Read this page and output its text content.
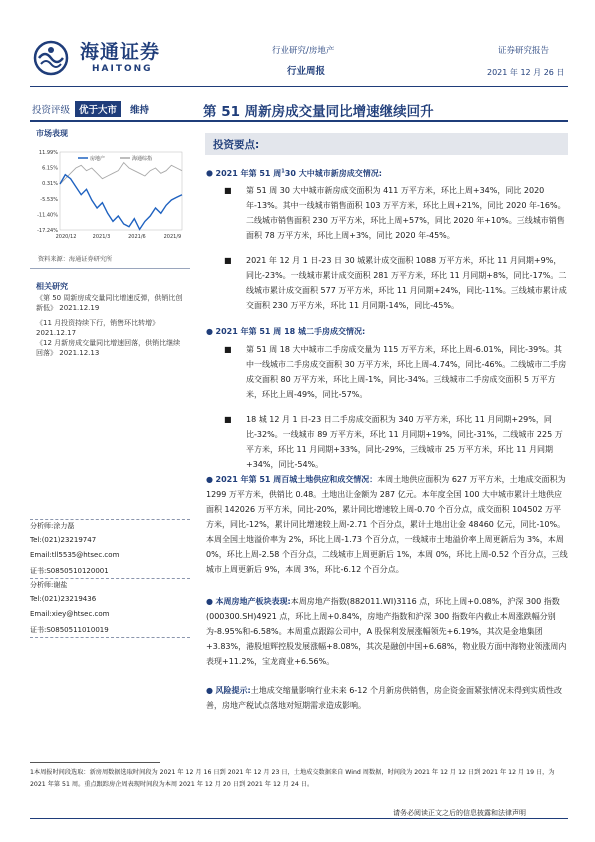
海通证券
HAITONG
行业研究/房地产
行业周报
证券研究报告
2021 年 12 月 26 日
投资评级 优于大市	维持	第 51 周新房成交量同比增速继续回升
市场表现
11.99%
6.15%
0.31%
-5.53%
-11.40%
-17.24%
2020/12	2021/3	2021/6	2021/9
房地产	海通综指
资料来源：海通证券研究所
相关研究
《第 50 周新房成交量同比增速反弹，供销比创新低》 2021.12.19
《11 月投资持续下行，销售环比转增》 2021.12.17
《12 月新房成交量同比增速回落，供销比继续回落》 2021.12.13
分析师:涂力磊
Tel:(021)23219747
Email:tll5535@htsec.com
证书:S0850510120001
分析师:谢盐
Tel:(021)23219436
Email:xiey@htsec.com
证书:S0850511010019
投资要点:
● 2021 年第 51 周$^1$30 大中城市新房成交情况:
■ 第 51 周 30 大中城市新房成交面积为 411 万平方米，环比上周+34%，同比 2020 年-13%。其中一线城市销售面积 103 万平方米，环比上周+21%，同比 2020 年-16%。二线城市销售面积 230 万平方米，环比上周+57%，同比 2020 年+10%。三线城市销售面积 78 万平方米，环比上周+3%，同比 2020 年-45%。

■ 2021 年 12 月 1 日-23 日 30 城累计成交面积 1088 万平方米，环比 11 月同期+9%，同比-23%。一线城市累计成交面积 281 万平方米，环比 11 月同期+8%，同比-17%。二线城市累计成交面积 577 万平方米，环比 11 月同期+24%，同比-11%。三线城市累计成交面积 230 万平方米，环比 11 月同期-14%，同比-45%。

● 2021 年第 51 周 18 城二手房成交情况:
■ 第 51 周 18 大中城市二手房成交量为 115 万平方米，环比上周-6.01%，同比-39%。其中一线城市二手房成交面积 30 万平方米，环比上周-4.74%，同比-46%。二线城市二手房成交面积 80 万平方米，环比上周-1%，同比-34%。三线城市二手房成交面积 5 万平方米，环比上周-49%，同比-57%。

■ 18 城 12 月 1 日-23 日二手房成交面积为 340 万平方米，环比 11 月同期+29%，同比-32%。一线城市 89 万平方米，环比 11 月同期+19%，同比-31%，二线城市 225 万平方米，环比 11 月同期+33%，同比-29%，三线城市 25 万平方米，环比 11 月同期+34%，同比-54%。

● 2021 年第 51 周百城土地供应和成交情况：本周土地供应面积为 627 万平方米，土地成交面积为 1299 万平方米，供销比 0.48。土地出让金额为 287 亿元。本年度全国 100 大中城市累计土地供应面积 142026 万平方米，同比-20%，累计同比增速较上周-0.70 个百分点，成交面积 104502 万平方米，同比-12%，累计同比增速较上周-2.71 个百分点，累计土地出让金 48460 亿元，同比-10%。本周全国土地溢价率为 2%，环比上周-1.73 个百分点，一线城市土地溢价率上周更新后为 3%，本周 0%，环比上周-2.58 个百分点，二线城市上周更新后 1%，本周 0%，环比上周-0.52 个百分点，三线城市上周更新后 9%，本周 3%，环比-6.12 个百分点。
● 本周房地产板块表现:本周房地产指数(882011.WI)3116 点，环比上周+0.08%，沪深 300 指数(000300.SH)4921 点，环比上周+0.84%，房地产指数和沪深 300 指数年内截止本周涨跌幅分别为-8.95%和-6.58%。本周重点跟踪公司中，A 股保利发展涨幅领先+6.19%，其次是金地集团+3.83%，港股旭辉控股发展涨幅+8.08%，其次是融创中国+6.68%，物业股方面中海物业领涨周内表现+11.2%，宝龙商业+6.56%。
● 风险提示:土地成交缩量影响行业未来 6-12 个月新房供销售，房企资金面紧张情况未得到实质性改善，房地产税试点落地对短期需求造成影响。
1本周报时间段选取：新房周数据选取时间段为 2021 年 12 月 16 日到 2021 年 12 月 23 日，土地成交数据来自 Wind 周数据，时间段为 2021 年 12 月 12 日到 2021 年 12 月 19 日，为 2021 年第 51 周。重点跟踪房企周表现时间段为本周 2021 年 12 月 20 日到 2021 年 12 月 24 日。
请务必阅读正文之后的信息披露和法律声明
